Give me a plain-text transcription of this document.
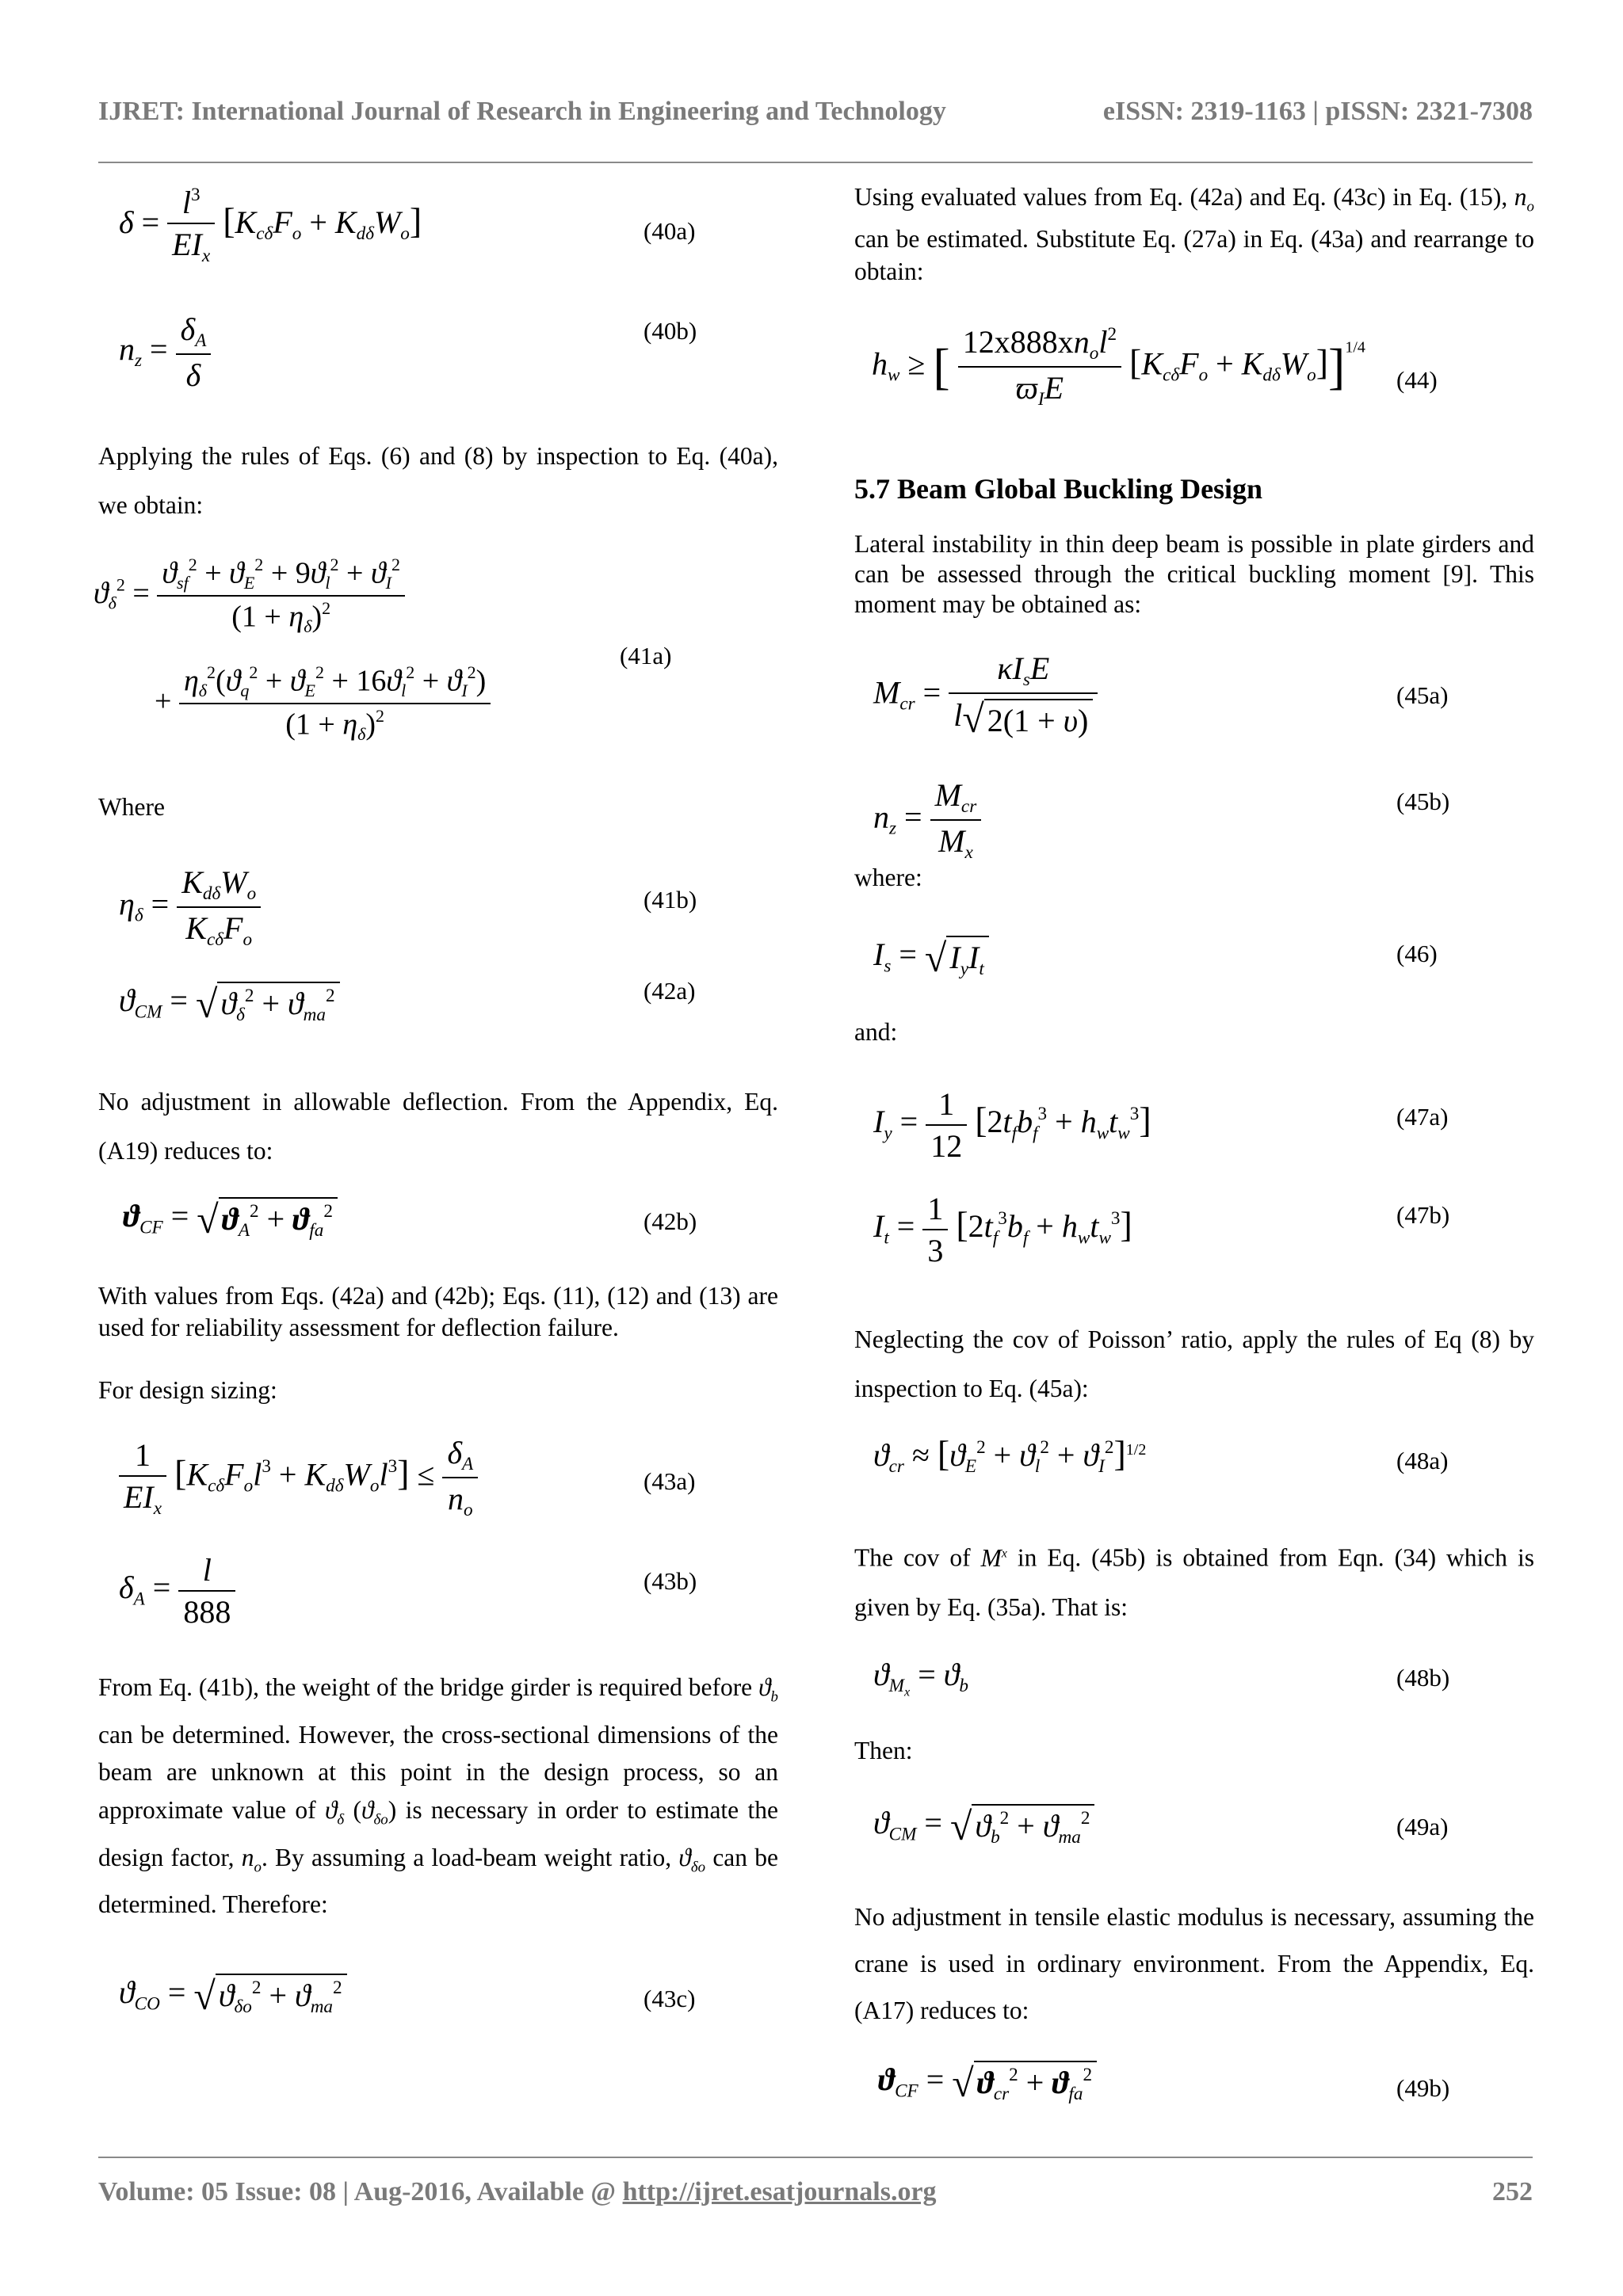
IJRET: International Journal of Research in Engineering and Technology	eISSN: 2319-1163 | pISSN: 2321-7308
$\delta = \frac{l^3}{EI_x} [K_{c\delta}F_o + K_{d\delta}W_o]$	(40a)
$n_z = \frac{\delta_A}{\delta}$	(40b)
Applying the rules of Eqs. (6) and (8) by inspection to Eq. (40a), we obtain:
$ϑ_\delta^2 = \frac{ϑ_{sf}^2 + ϑ_E^2 + 9ϑ_l^2 + ϑ_I^2}{(1 + \eta_\delta)^2}$
+ $\frac{\eta_\delta^2(ϑ_q^2 + ϑ_E^2 + 16ϑ_l^2 + ϑ_I^2)}{(1 + \eta_\delta)^2}$
(41a)
Where
$\eta_\delta = \frac{K_{d\delta}W_o}{K_{c\delta}F_o}$	(41b)
$ϑ_{CM}$ = √ $ϑ_\delta^2 + ϑ_{ma}^2$	(42a)
No adjustment in allowable deflection. From the Appendix, Eq. (A19) reduces to:
$ϑ_{CF}$ = √ $ϑ_A^2 + ϑ_{fa}^2$	(42b)
With values from Eqs. (42a) and (42b); Eqs. (11), (12) and (13) are used for reliability assessment for deflection failure.
For design sizing:
$\frac{1}{EI_x} [K_{c\delta}F_ol^3 + K_{d\delta}W_ol^3] \le \frac{\delta_A}{n_o}$	(43a)
$\delta_A = \frac{l}{888}$	(43b)
From Eq. (41b), the weight of the bridge girder is required before $ϑ_b$ can be determined. However, the cross-sectional dimensions of the beam are unknown at this point in the design process, so an approximate value of $ϑ_\delta$ $(ϑ_{\delta o})$ is necessary in order to estimate the design factor, $n_o$. By assuming a load-beam weight ratio, $ϑ_{\delta o}$ can be determined. Therefore:
$ϑ_{CO}$ = √ $ϑ_{\delta o}^2 + ϑ_{ma}^2$	(43c)
Using evaluated values from Eq. (42a) and Eq. (43c) in Eq. (15), $n_o$ can be estimated. Substitute Eq. (27a) in Eq. (43a) and rearrange to obtain:
$h_w$ ≥ [ $\frac{12x888xn_ol^2}{ϖ_IE} [K_{c\delta}F_o + K_{d\delta}W_o]]^{1/4}$
(44)
5.7 Beam Global Buckling Design
Lateral instability in thin deep beam is possible in plate girders and can be assessed through the critical buckling moment [9]. This moment may be obtained as:
$M_{cr} = \frac{\kappa I_sE}{l√ 2(1 + \upsilon)}$	(45a)
$n_z = \frac{M_{cr}}{M_x}$	(45b)
where:
$I_s$ = √ $I_yI_t$
(46)
and:
$I_y = \frac{1}{12} [2t_fb_f^3 + h_wt_w^3]$	(47a)
$I_t = \frac{1}{3} [2t_f^3b_f + h_wt_w^3]$	(47b)
Neglecting the cov of Poisson’ ratio, apply the rules of Eq (8) by inspection to Eq. (45a):
$ϑ_{cr} \approx [ϑ_E^2 + ϑ_l^2 + ϑ_I^2]^{1/2}$	(48a)
The cov of $M^x$ in Eq. (45b) is obtained from Eqn. (34) which is given by Eq. (35a). That is:
$ϑ_{M_x} = ϑ_b$	(48b)
Then:
$ϑ_{CM}$ = √ $ϑ_b^2 + ϑ_{ma}^2$	(49a)
No adjustment in tensile elastic modulus is necessary, assuming the crane is used in ordinary environment. From the Appendix, Eq. (A17) reduces to:
$ϑ_{CF}$ = √ $ϑ_{cr}^2 + ϑ_{fa}^2$	(49b)
Volume: 05 Issue: 08 | Aug-2016, Available @ http://ijret.esatjournals.org	252
